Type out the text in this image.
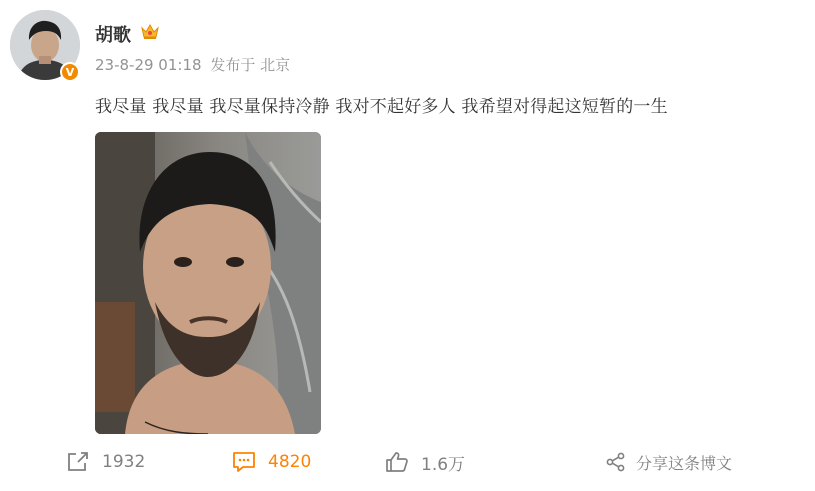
V
胡歌
23-8-29 01:18 发布于 北京
我尽量 我尽量 我尽量保持冷静 我对不起好多人 我希望对得起这短暂的一生
1932	4820	1.6万	分享这条博文
